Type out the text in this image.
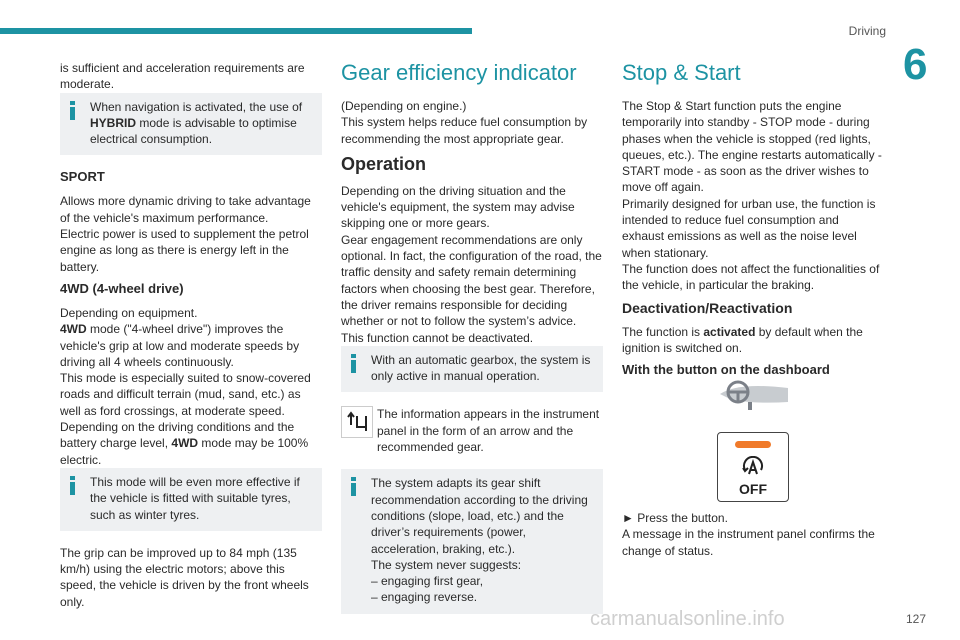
Driving
6

is sufficient and acceleration requirements are moderate.

When navigation is activated, the use of HYBRID mode is advisable to optimise electrical consumption.
SPORT

Allows more dynamic driving to take advantage of the vehicle's maximum performance.
Electric power is used to supplement the petrol engine as long as there is energy left in the battery.

4WD (4-wheel drive)

Depending on equipment.
4WD mode ("4-wheel drive") improves the vehicle's grip at low and moderate speeds by driving all 4 wheels continuously.
This mode is especially suited to snow-covered roads and difficult terrain (mud, sand, etc.) as well as ford crossings, at moderate speed.
Depending on the driving conditions and the battery charge level, 4WD mode may be 100% electric.

This mode will be even more effective if the vehicle is fitted with suitable tyres, such as winter tyres.

The grip can be improved up to 84 mph (135 km/h) using the electric motors; above this speed, the vehicle is driven by the front wheels only.

Gear efficiency indicator

(Depending on engine.)
This system helps reduce fuel consumption by recommending the most appropriate gear.

Operation

Depending on the driving situation and the vehicle's equipment, the system may advise skipping one or more gears.
Gear engagement recommendations are only optional. In fact, the configuration of the road, the traffic density and safety remain determining factors when choosing the best gear. Therefore, the driver remains responsible for deciding whether or not to follow the system’s advice.
This function cannot be deactivated.

With an automatic gearbox, the system is only active in manual operation.
The information appears in the instrument panel in the form of an arrow and the recommended gear.
The system adapts its gear shift recommendation according to the driving conditions (slope, load, etc.) and the driver’s requirements (power, acceleration, braking, etc.).
The system never suggests:
– engaging first gear,
– engaging reverse.
Stop & Start

The Stop & Start function puts the engine temporarily into standby - STOP mode - during phases when the vehicle is stopped (red lights, queues, etc.). The engine restarts automatically - START mode - as soon as the driver wishes to move off again.
Primarily designed for urban use, the function is intended to reduce fuel consumption and exhaust emissions as well as the noise level when stationary.
The function does not affect the functionalities of the vehicle, in particular the braking.

Deactivation/Reactivation

The function is activated by default when the ignition is switched on.

With the button on the dashboard
OFF
► Press the button.
A message in the instrument panel confirms the change of status.
carmanualsonline.info	127
